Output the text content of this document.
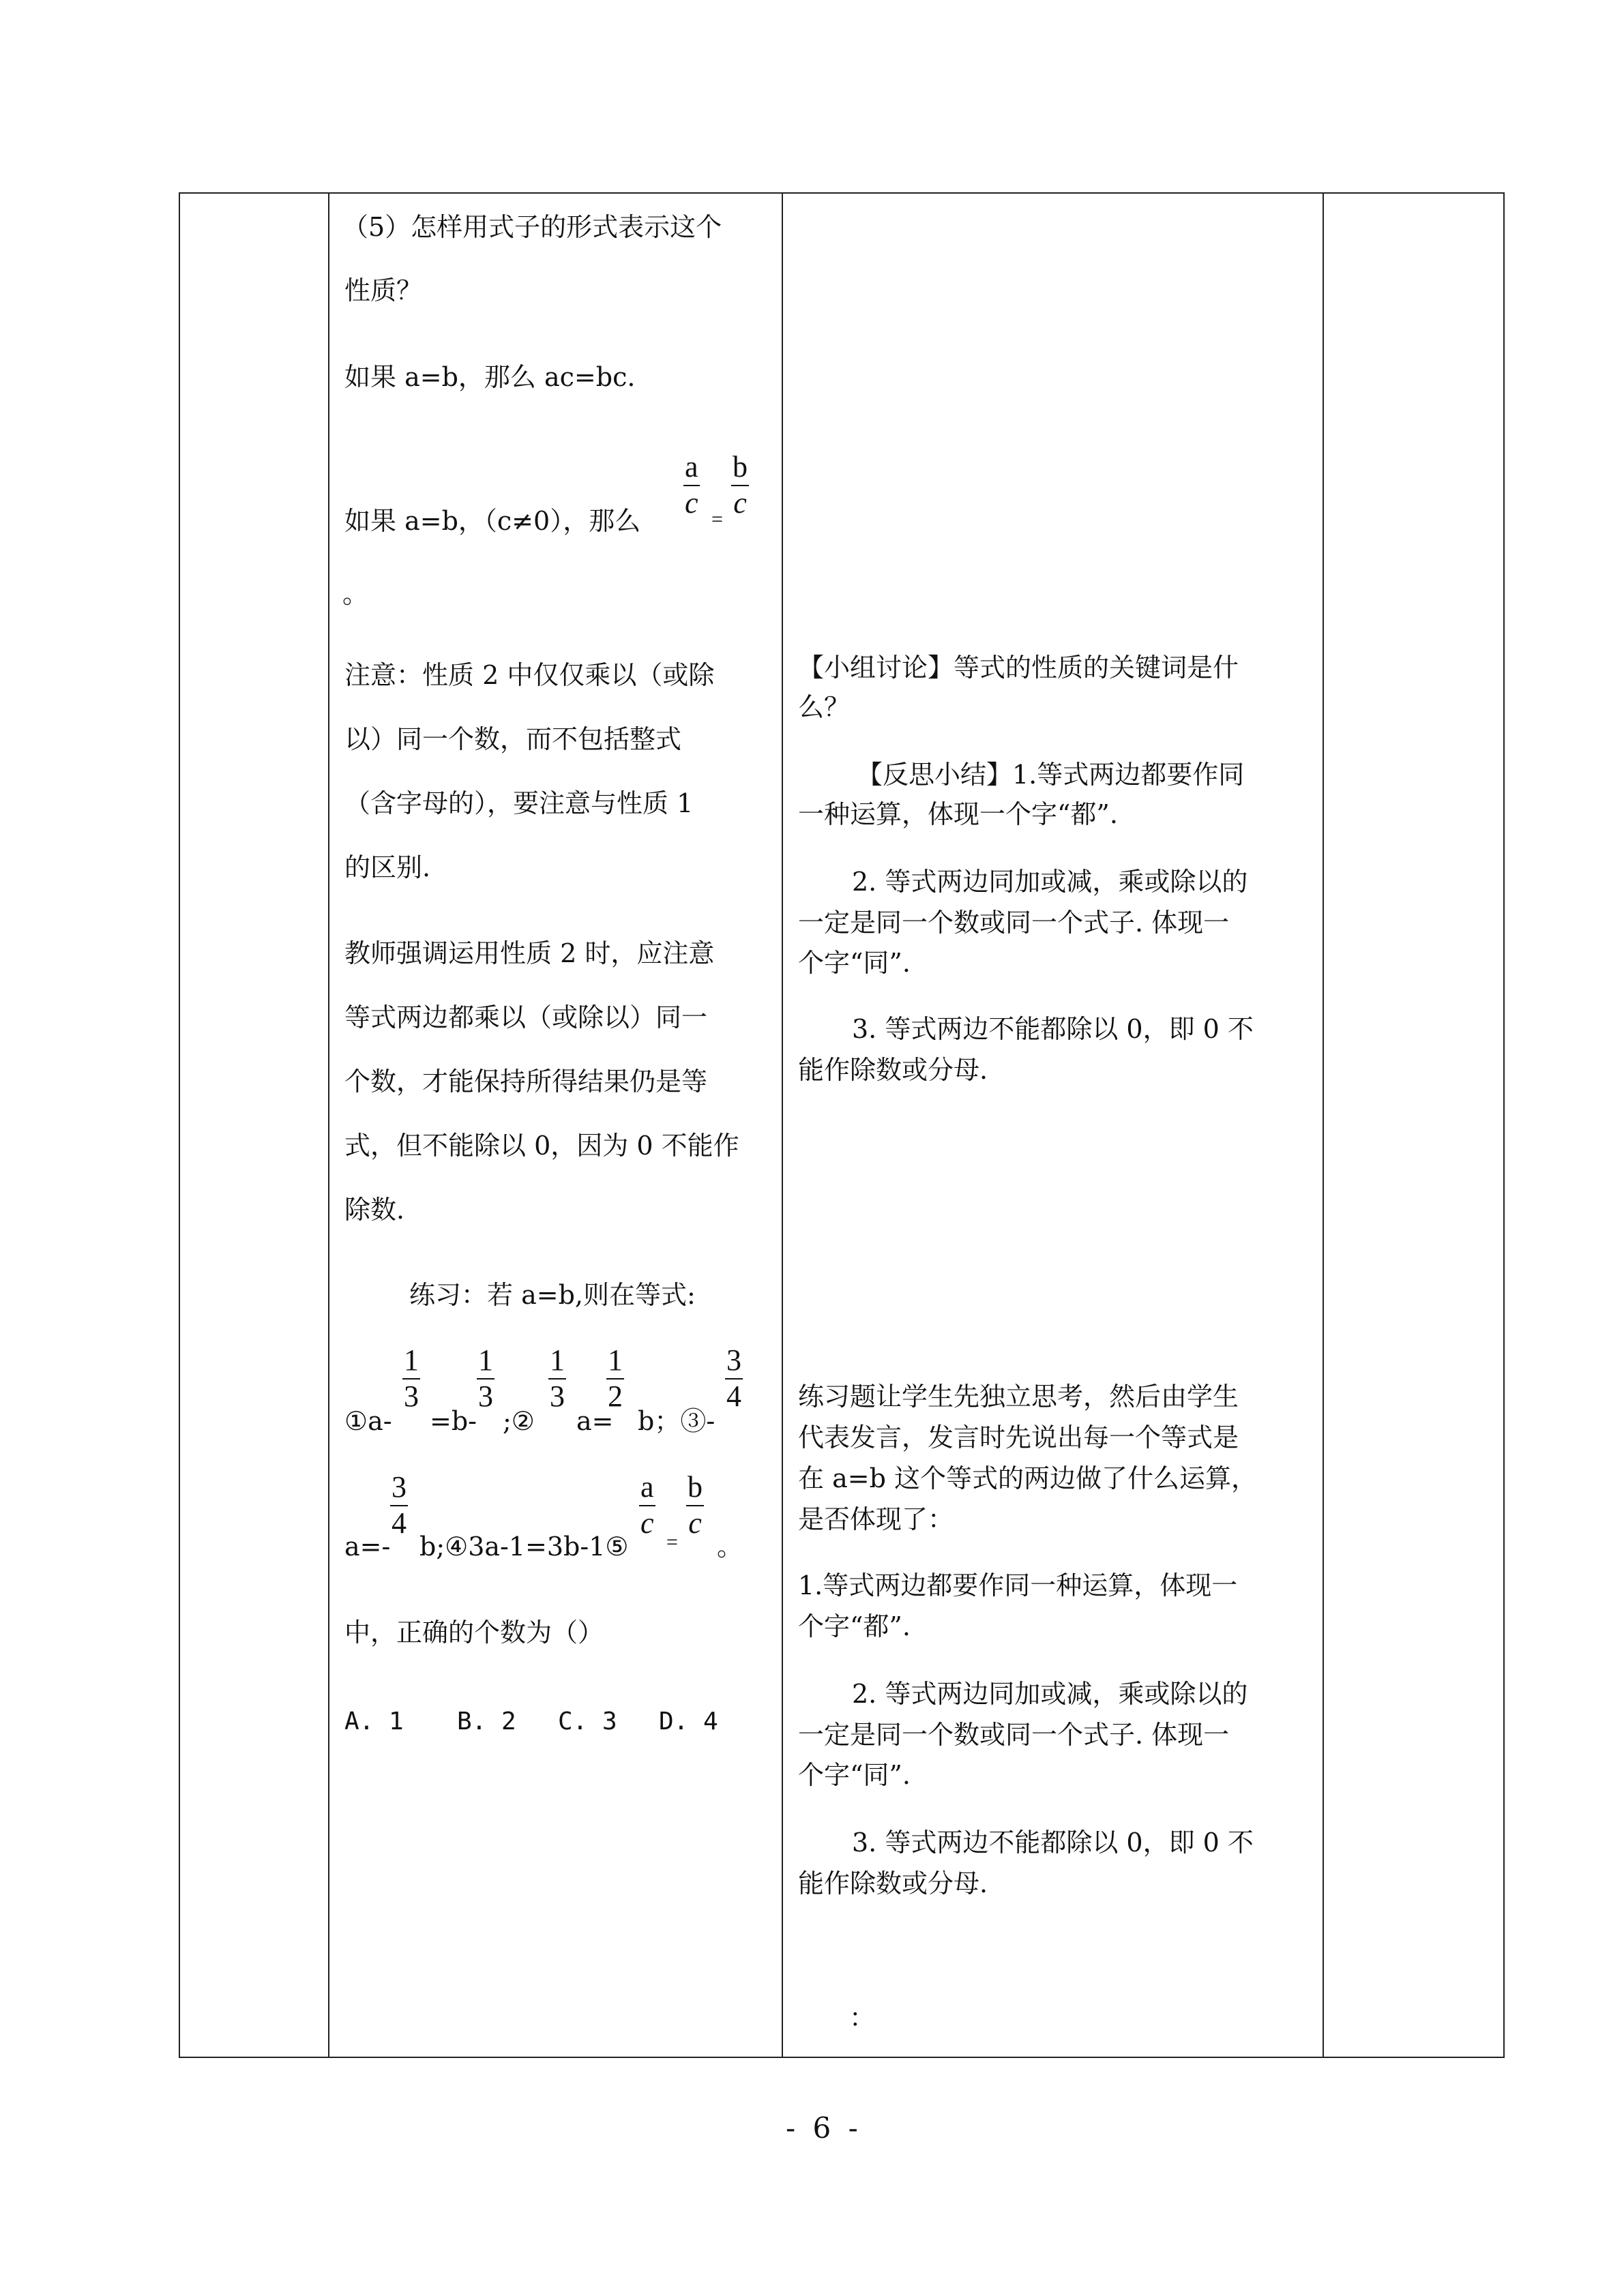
（5）怎样用式子的形式表示这个
性质？
如果 a=b，那么 ac=bc.
如果 a=b，（c≠0），那么
$\frac{a}{c} = \frac{b}{c}$
。
注意：性质 2 中仅仅乘以（或除
以）同一个数，而不包括整式
（含字母的），要注意与性质 1
的区别.
教师强调运用性质 2 时，应注意
等式两边都乘以（或除以）同一
个数，才能保持所得结果仍是等
式，但不能除以 0，因为 0 不能作
除数.
练习：若 a=b,则在等式:
①a-
$\frac{1}{3}$
=b-
$\frac{1}{3}$
;②
$\frac{1}{3}$
a=
$\frac{1}{2}$
b；③-
$\frac{3}{4}$
a=-
$\frac{3}{4}$
b;④3a-1=3b-1⑤
$\frac{a}{c}$
=
$\frac{b}{c}$
。
中，正确的个数为（）
A. 1 B. 2 C. 3 D. 4
【小组讨论】等式的性质的关键词是什
么？
【反思小结】1.等式两边都要作同
一种运算，体现一个字“都”.
2. 等式两边同加或减，乘或除以的
一定是同一个数或同一个式子. 体现一
个字“同”.
3. 等式两边不能都除以 0，即 0 不
能作除数或分母.
练习题让学生先独立思考，然后由学生
代表发言，发言时先说出每一个等式是
在 a=b 这个等式的两边做了什么运算，
是否体现了：
1.等式两边都要作同一种运算，体现一
个字“都”.
2. 等式两边同加或减，乘或除以的
一定是同一个数或同一个式子. 体现一
个字“同”.
3. 等式两边不能都除以 0，即 0 不
能作除数或分母.
：
- 6 -
